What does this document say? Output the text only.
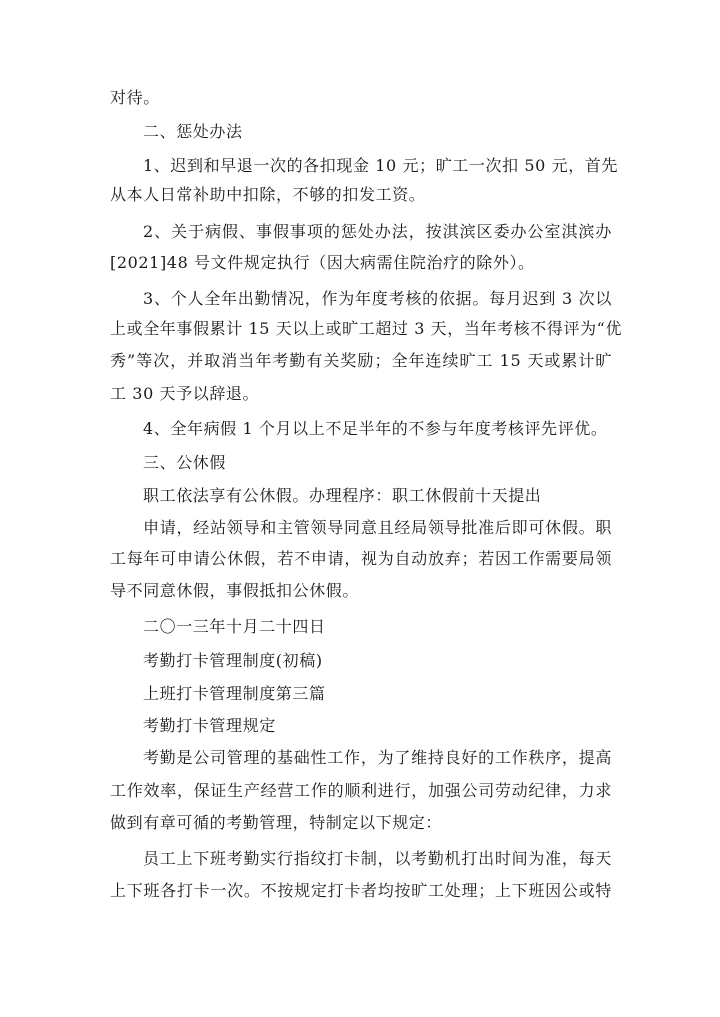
对待。
二、惩处办法
1、迟到和早退一次的各扣现金 10 元；旷工一次扣 50 元，首先
从本人日常补助中扣除，不够的扣发工资。
2、关于病假、事假事项的惩处办法，按淇滨区委办公室淇滨办
[2021]48 号文件规定执行（因大病需住院治疗的除外）。
3、个人全年出勤情况，作为年度考核的依据。每月迟到 3 次以
上或全年事假累计 15 天以上或旷工超过 3 天，当年考核不得评为“优
秀”等次，并取消当年考勤有关奖励；全年连续旷工 15 天或累计旷
工 30 天予以辞退。
4、全年病假 1 个月以上不足半年的不参与年度考核评先评优。
三、公休假
职工依法享有公休假。办理程序：职工休假前十天提出
申请，经站领导和主管领导同意且经局领导批准后即可休假。职
工每年可申请公休假，若不申请，视为自动放弃；若因工作需要局领
导不同意休假，事假抵扣公休假。
二〇一三年十月二十四日
考勤打卡管理制度(初稿)
上班打卡管理制度第三篇
考勤打卡管理规定
考勤是公司管理的基础性工作，为了维持良好的工作秩序，提高
工作效率，保证生产经营工作的顺利进行，加强公司劳动纪律，力求
做到有章可循的考勤管理，特制定以下规定：
员工上下班考勤实行指纹打卡制，以考勤机打出时间为准，每天
上下班各打卡一次。不按规定打卡者均按旷工处理；上下班因公或特
